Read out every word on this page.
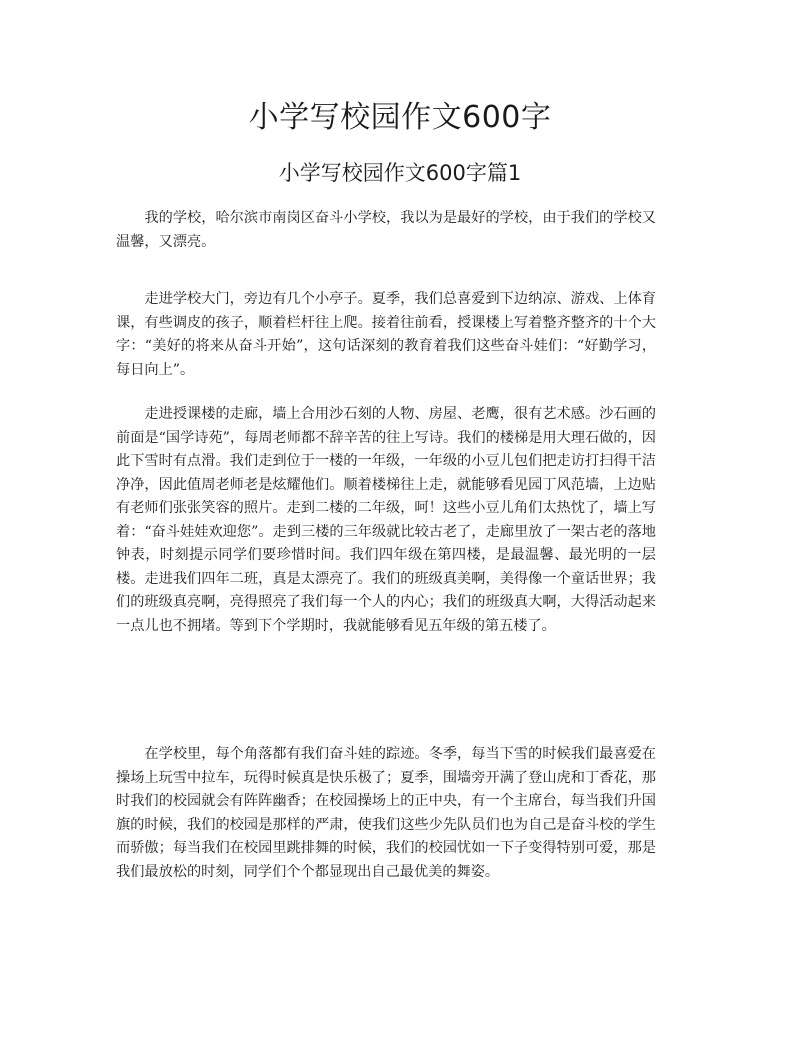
小学写校园作文600字
小学写校园作文600字篇1

我的学校，哈尔滨市南岗区奋斗小学校，我以为是最好的学校，由于我们的学校又温馨，又漂亮。

走进学校大门，旁边有几个小亭子。夏季，我们总喜爱到下边纳凉、游戏、上体育课，有些调皮的孩子，顺着栏杆往上爬。接着往前看，授课楼上写着整齐整齐的十个大字：“美好的将来从奋斗开始”，这句话深刻的教育着我们这些奋斗娃们：“好勤学习，每日向上”。

走进授课楼的走廊，墙上合用沙石刻的人物、房屋、老鹰，很有艺术感。沙石画的前面是“国学诗苑”，每周老师都不辞辛苦的往上写诗。我们的楼梯是用大理石做的，因此下雪时有点滑。我们走到位于一楼的一年级，一年级的小豆儿包们把走访打扫得干洁净净，因此值周老师老是炫耀他们。顺着楼梯往上走，就能够看见园丁风范墙，上边贴有老师们张张笑容的照片。走到二楼的二年级，呵！这些小豆儿角们太热忱了，墙上写着：“奋斗娃娃欢迎您”。走到三楼的三年级就比较古老了，走廊里放了一架古老的落地钟表，时刻提示同学们要珍惜时间。我们四年级在第四楼，是最温馨、最光明的一层楼。走进我们四年二班，真是太漂亮了。我们的班级真美啊，美得像一个童话世界；我们的班级真亮啊，亮得照亮了我们每一个人的内心；我们的班级真大啊，大得活动起来一点儿也不拥堵。等到下个学期时，我就能够看见五年级的第五楼了。

在学校里，每个角落都有我们奋斗娃的踪迹。冬季，每当下雪的时候我们最喜爱在操场上玩雪中拉车，玩得时候真是快乐极了；夏季，围墙旁开满了登山虎和丁香花，那时我们的校园就会有阵阵幽香；在校园操场上的正中央，有一个主席台，每当我们升国旗的时候，我们的校园是那样的严肃，使我们这些少先队员们也为自己是奋斗校的学生而骄傲；每当我们在校园里跳排舞的时候，我们的校园忧如一下子变得特别可爱，那是我们最放松的时刻，同学们个个都显现出自己最优美的舞姿。
